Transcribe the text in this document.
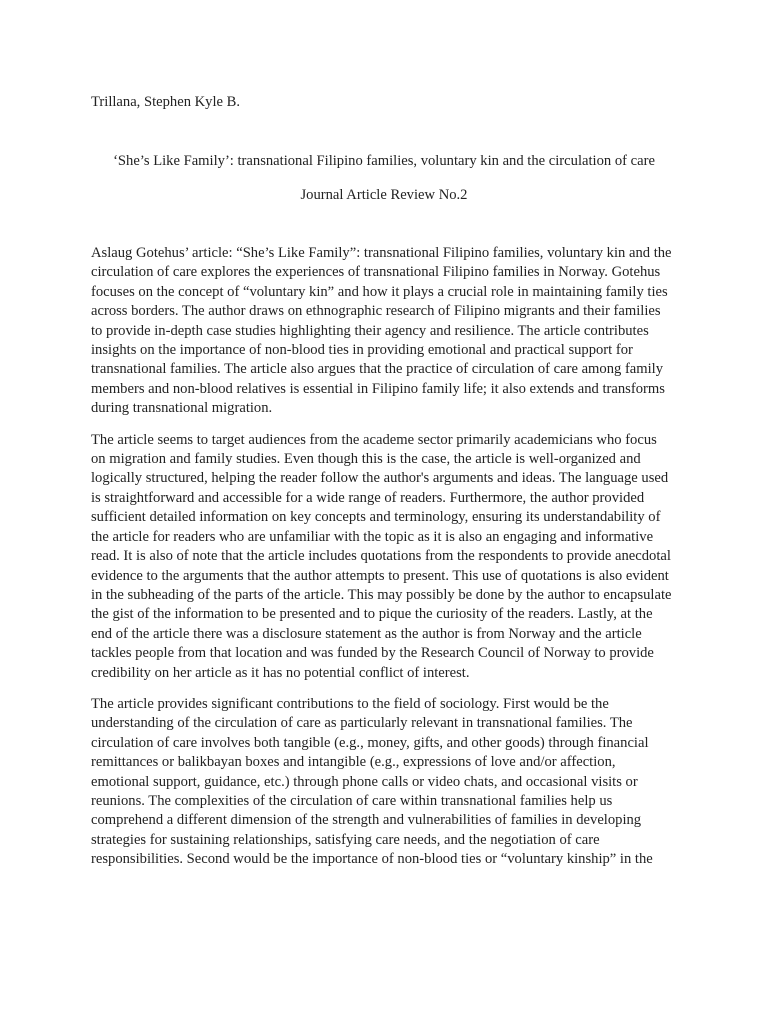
Trillana, Stephen Kyle B.

‘She’s Like Family’: transnational Filipino families, voluntary kin and the circulation of care

Journal Article Review No.2

Aslaug Gotehus’ article: “She’s Like Family”: transnational Filipino families, voluntary kin and the circulation of care explores the experiences of transnational Filipino families in Norway. Gotehus focuses on the concept of “voluntary kin” and how it plays a crucial role in maintaining family ties across borders. The author draws on ethnographic research of Filipino migrants and their families to provide in-depth case studies highlighting their agency and resilience. The article contributes insights on the importance of non-blood ties in providing emotional and practical support for transnational families. The article also argues that the practice of circulation of care among family members and non-blood relatives is essential in Filipino family life; it also extends and transforms during transnational migration.

The article seems to target audiences from the academe sector primarily academicians who focus on migration and family studies. Even though this is the case, the article is well-organized and logically structured, helping the reader follow the author's arguments and ideas. The language used is straightforward and accessible for a wide range of readers. Furthermore, the author provided sufficient detailed information on key concepts and terminology, ensuring its understandability of the article for readers who are unfamiliar with the topic as it is also an engaging and informative read. It is also of note that the article includes quotations from the respondents to provide anecdotal evidence to the arguments that the author attempts to present. This use of quotations is also evident in the subheading of the parts of the article. This may possibly be done by the author to encapsulate the gist of the information to be presented and to pique the curiosity of the readers. Lastly, at the end of the article there was a disclosure statement as the author is from Norway and the article tackles people from that location and was funded by the Research Council of Norway to provide credibility on her article as it has no potential conflict of interest.

The article provides significant contributions to the field of sociology. First would be the understanding of the circulation of care as particularly relevant in transnational families. The circulation of care involves both tangible (e.g., money, gifts, and other goods) through financial remittances or balikbayan boxes and intangible (e.g., expressions of love and/or affection, emotional support, guidance, etc.) through phone calls or video chats, and occasional visits or reunions. The complexities of the circulation of care within transnational families help us comprehend a different dimension of the strength and vulnerabilities of families in developing strategies for sustaining relationships, satisfying care needs, and the negotiation of care responsibilities. Second would be the importance of non-blood ties or “voluntary kinship” in the
